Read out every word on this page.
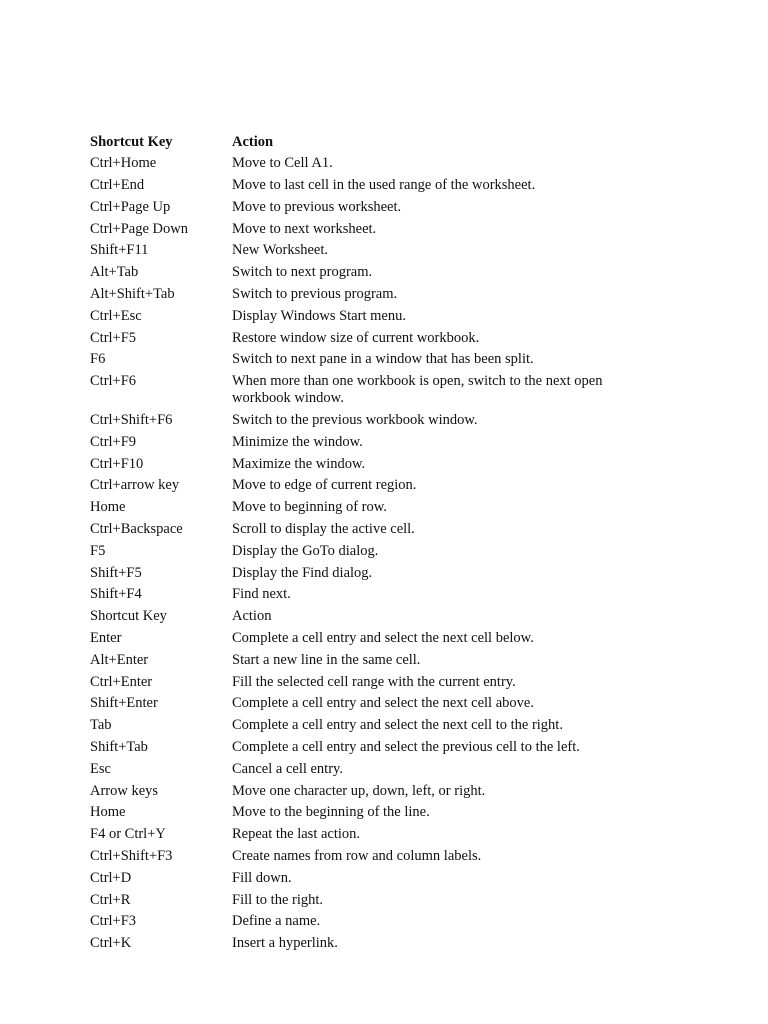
Shortcut Key	Action
Ctrl+Home	Move to Cell A1.
Ctrl+End	Move to last cell in the used range of the worksheet.
Ctrl+Page Up	Move to previous worksheet.
Ctrl+Page Down	Move to next worksheet.
Shift+F11	New Worksheet.
Alt+Tab	Switch to next program.
Alt+Shift+Tab	Switch to previous program.
Ctrl+Esc	Display Windows Start menu.
Ctrl+F5	Restore window size of current workbook.
F6	Switch to next pane in a window that has been split.
Ctrl+F6	When more than one workbook is open, switch to the next open workbook window.
Ctrl+Shift+F6	Switch to the previous workbook window.
Ctrl+F9	Minimize the window.
Ctrl+F10	Maximize the window.
Ctrl+arrow key	Move to edge of current region.
Home	Move to beginning of row.
Ctrl+Backspace	Scroll to display the active cell.
F5	Display the GoTo dialog.
Shift+F5	Display the Find dialog.
Shift+F4	Find next.
Shortcut Key	Action
Enter	Complete a cell entry and select the next cell below.
Alt+Enter	Start a new line in the same cell.
Ctrl+Enter	Fill the selected cell range with the current entry.
Shift+Enter	Complete a cell entry and select the next cell above.
Tab	Complete a cell entry and select the next cell to the right.
Shift+Tab	Complete a cell entry and select the previous cell to the left.
Esc	Cancel a cell entry.
Arrow keys	Move one character up, down, left, or right.
Home	Move to the beginning of the line.
F4 or Ctrl+Y	Repeat the last action.
Ctrl+Shift+F3	Create names from row and column labels.
Ctrl+D	Fill down.
Ctrl+R	Fill to the right.
Ctrl+F3	Define a name.
Ctrl+K	Insert a hyperlink.
